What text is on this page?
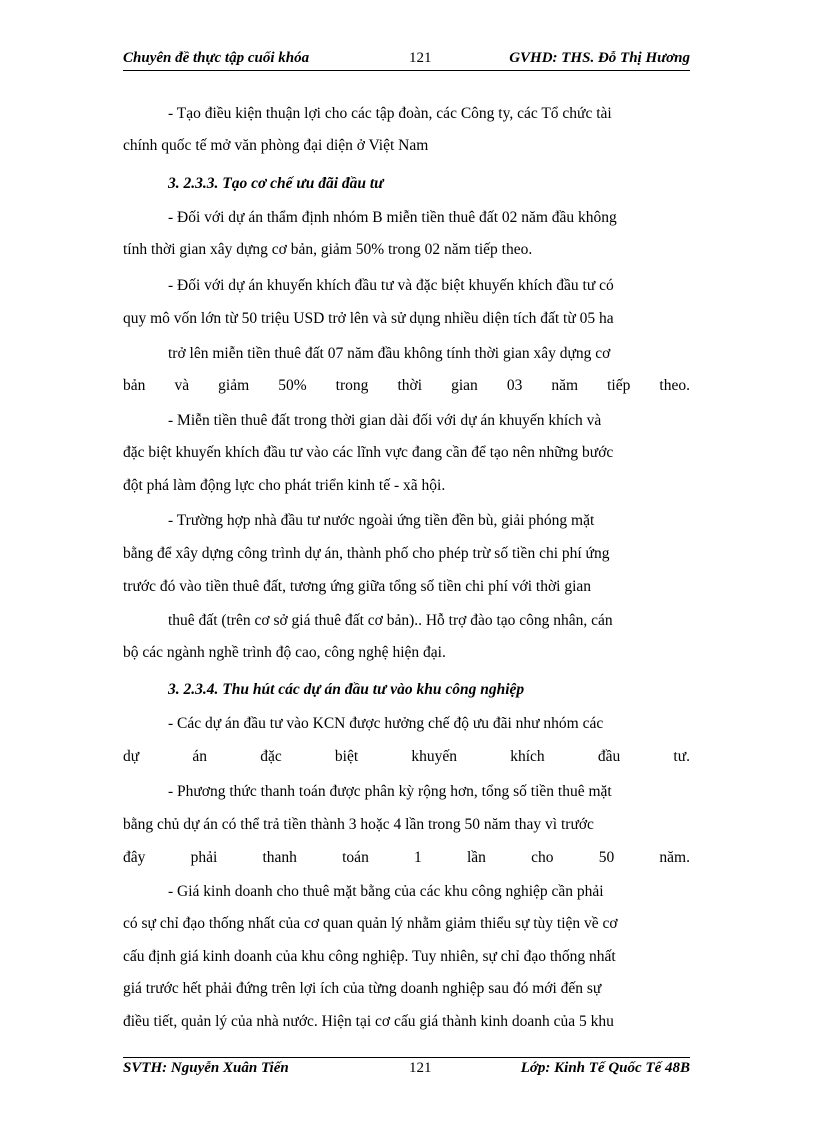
Chuyên đề thực tập cuối khóa	121	GVHD: THS. Đỗ Thị Hương
- Tạo điều kiện thuận lợi cho các tập đoàn, các Công ty, các Tổ chức tài
chính quốc tế mở văn phòng đại diện ở Việt Nam
3. 2.3.3. Tạo cơ chế ưu đãi đầu tư
- Đối với dự án thẩm định nhóm B miễn tiền thuê đất 02 năm đầu không
tính thời gian xây dựng cơ bản, giảm 50% trong 02 năm tiếp theo.
- Đối với dự án khuyến khích đầu tư và đặc biệt khuyến khích đầu tư có
quy mô vốn lớn từ 50 triệu USD trở lên và sử dụng nhiều diện tích đất từ 05 ha
trở lên miễn tiền thuê đất 07 năm đầu không tính thời gian xây dựng cơ
bản và giảm 50% trong thời gian 03 năm tiếp theo.
- Miễn tiền thuê đất trong thời gian dài đối với dự án khuyến khích và
đặc biệt khuyến khích đầu tư vào các lĩnh vực đang cần để tạo nên những bước
đột phá làm động lực cho phát triển kinh tế - xã hội.
- Trường hợp nhà đầu tư nước ngoài ứng tiền đền bù, giải phóng mặt
bằng để xây dựng công trình dự án, thành phố cho phép trừ số tiền chi phí ứng
trước đó vào tiền thuê đất, tương ứng giữa tổng số tiền chi phí với thời gian
thuê đất (trên cơ sở giá thuê đất cơ bản).. Hỗ trợ đào tạo công nhân, cán
bộ các ngành nghề trình độ cao, công nghệ hiện đại.
3. 2.3.4. Thu hút các dự án đầu tư vào khu công nghiệp
- Các dự án đầu tư vào KCN được hưởng chế độ ưu đãi như nhóm các
dự án đặc biệt khuyến khích đầu tư.
- Phương thức thanh toán được phân kỳ rộng hơn, tổng số tiền thuê mặt
bằng chủ dự án có thể trả tiền thành 3 hoặc 4 lần trong 50 năm thay vì trước
đây phải thanh toán 1 lần cho 50 năm.
- Giá kinh doanh cho thuê mặt bằng của các khu công nghiệp cần phải
có sự chỉ đạo thống nhất của cơ quan quản lý nhằm giảm thiểu sự tùy tiện về cơ
cấu định giá kinh doanh của khu công nghiệp. Tuy nhiên, sự chỉ đạo thống nhất
giá trước hết phải đứng trên lợi ích của từng doanh nghiệp sau đó mới đến sự
điều tiết, quản lý của nhà nước. Hiện tại cơ cấu giá thành kinh doanh của 5 khu
SVTH: Nguyễn Xuân Tiến	121	Lớp: Kinh Tế Quốc Tế 48B
